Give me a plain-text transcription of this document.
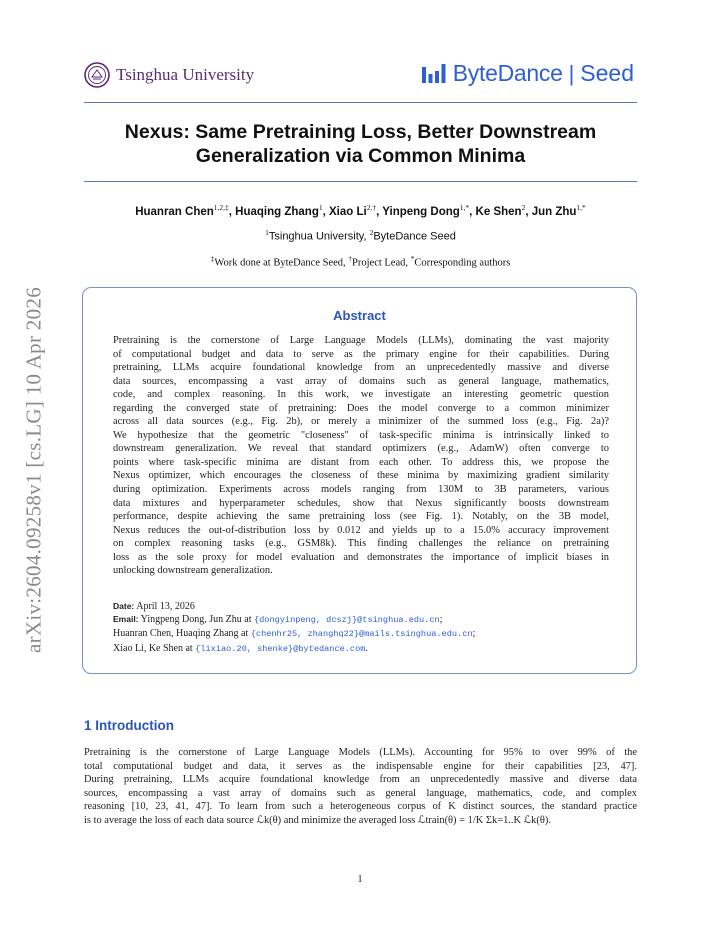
arXiv:2604.09258v1 [cs.LG] 10 Apr 2026
Tsinghua University	ByteDance | Seed
Nexus: Same Pretraining Loss, Better Downstream
Generalization via Common Minima
Huanran Chen$^{1,2,\ddagger}$, Huaqing Zhang$^1$, Xiao $Li^{2,\dagger}$, Yinpeng Dong$^{1,*}$, Ke Shen$^2$, Jun Zhu$^{1,*}$
$^1$Tsinghua University, $^2$ByteDance Seed
‡Work done at ByteDance Seed, †Project Lead, *Corresponding authors
Abstract
Pretraining is the cornerstone of Large Language Models (LLMs), dominating the vast majority
of computational budget and data to serve as the primary engine for their capabilities. During
pretraining, LLMs acquire foundational knowledge from an unprecedentedly massive and diverse
data sources, encompassing a vast array of domains such as general language, mathematics,
code, and complex reasoning. In this work, we investigate an interesting geometric question
regarding the converged state of pretraining: Does the model converge to a common minimizer
across all data sources (e.g., Fig. 2b), or merely a minimizer of the summed loss (e.g., Fig. 2a)?
We hypothesize that the geometric "closeness" of task-specific minima is intrinsically linked to
downstream generalization. We reveal that standard optimizers (e.g., AdamW) often converge to
points where task-specific minima are distant from each other. To address this, we propose the
Nexus optimizer, which encourages the closeness of these minima by maximizing gradient similarity
during optimization. Experiments across models ranging from 130M to 3B parameters, various
data mixtures and hyperparameter schedules, show that Nexus significantly boosts downstream
performance, despite achieving the same pretraining loss (see Fig. 1). Notably, on the 3B model,
Nexus reduces the out-of-distribution loss by 0.012 and yields up to a 15.0% accuracy improvement
on complex reasoning tasks (e.g., GSM8k). This finding challenges the reliance on pretraining
loss as the sole proxy for model evaluation and demonstrates the importance of implicit biases in
unlocking downstream generalization.
Date: April 13, 2026
Email: Yingpeng Dong, Jun Zhu at {dongyinpeng, dcszj}@tsinghua.edu.cn;
Huanran Chen, Huaqing Zhang at {chenhr25, zhanghq22}@mails.tsinghua.edu.cn;
Xiao Li, Ke Shen at {lixiao.20, shenke}@bytedance.com.
1 Introduction
Pretraining is the cornerstone of Large Language Models (LLMs). Accounting for 95% to over 99% of the
total computational budget and data, it serves as the indispensable engine for their capabilities [23, 47].
During pretraining, LLMs acquire foundational knowledge from an unprecedentedly massive and diverse data
sources, encompassing a vast array of domains such as general language, mathematics, code, and complex
reasoning [10, 23, 41, 47]. To learn from such a heterogeneous corpus of K distinct sources, the standard practice
is to average the loss of each data source ℒk(θ) and minimize the averaged loss ℒtrain(θ) = 1/K Σk=1..K ℒk(θ).
1
